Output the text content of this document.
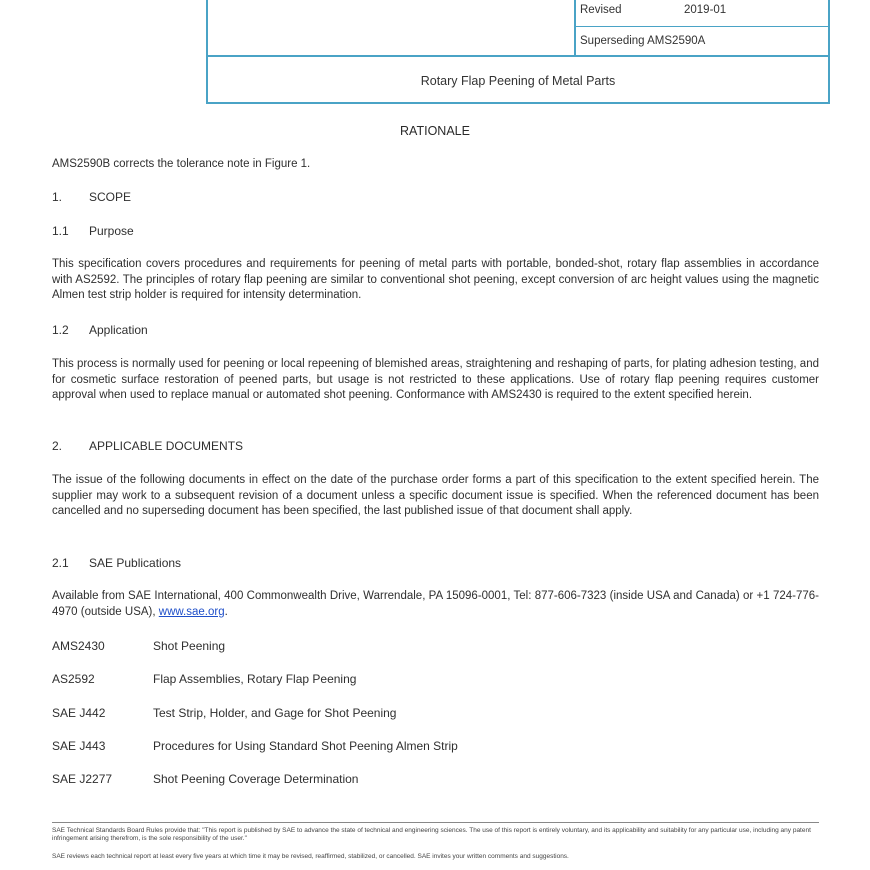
Revised	2019-01
Superseding AMS2590A
Rotary Flap Peening of Metal Parts
RATIONALE
AMS2590B corrects the tolerance note in Figure 1.
1. SCOPE
1.1 Purpose
This specification covers procedures and requirements for peening of metal parts with portable, bonded-shot, rotary flap assemblies in accordance with AS2592. The principles of rotary flap peening are similar to conventional shot peening, except conversion of arc height values using the magnetic Almen test strip holder is required for intensity determination.
1.2 Application
This process is normally used for peening or local repeening of blemished areas, straightening and reshaping of parts, for plating adhesion testing, and for cosmetic surface restoration of peened parts, but usage is not restricted to these applications. Use of rotary flap peening requires customer approval when used to replace manual or automated shot peening. Conformance with AMS2430 is required to the extent specified herein.
2. APPLICABLE DOCUMENTS
The issue of the following documents in effect on the date of the purchase order forms a part of this specification to the extent specified herein. The supplier may work to a subsequent revision of a document unless a specific document issue is specified. When the referenced document has been cancelled and no superseding document has been specified, the last published issue of that document shall apply.
2.1 SAE Publications
Available from SAE International, 400 Commonwealth Drive, Warrendale, PA 15096-0001, Tel: 877-606-7323 (inside USA and Canada) or +1 724-776-4970 (outside USA), www.sae.org.
AMS2430	Shot Peening
AS2592	Flap Assemblies, Rotary Flap Peening
SAE J442	Test Strip, Holder, and Gage for Shot Peening
SAE J443	Procedures for Using Standard Shot Peening Almen Strip
SAE J2277	Shot Peening Coverage Determination
SAE Technical Standards Board Rules provide that: "This report is published by SAE to advance the state of technical and engineering sciences. The use of this report is entirely voluntary, and its applicability and suitability for any particular use, including any patent infringement arising therefrom, is the sole responsibility of the user."
SAE reviews each technical report at least every five years at which time it may be revised, reaffirmed, stabilized, or cancelled. SAE invites your written comments and suggestions.
